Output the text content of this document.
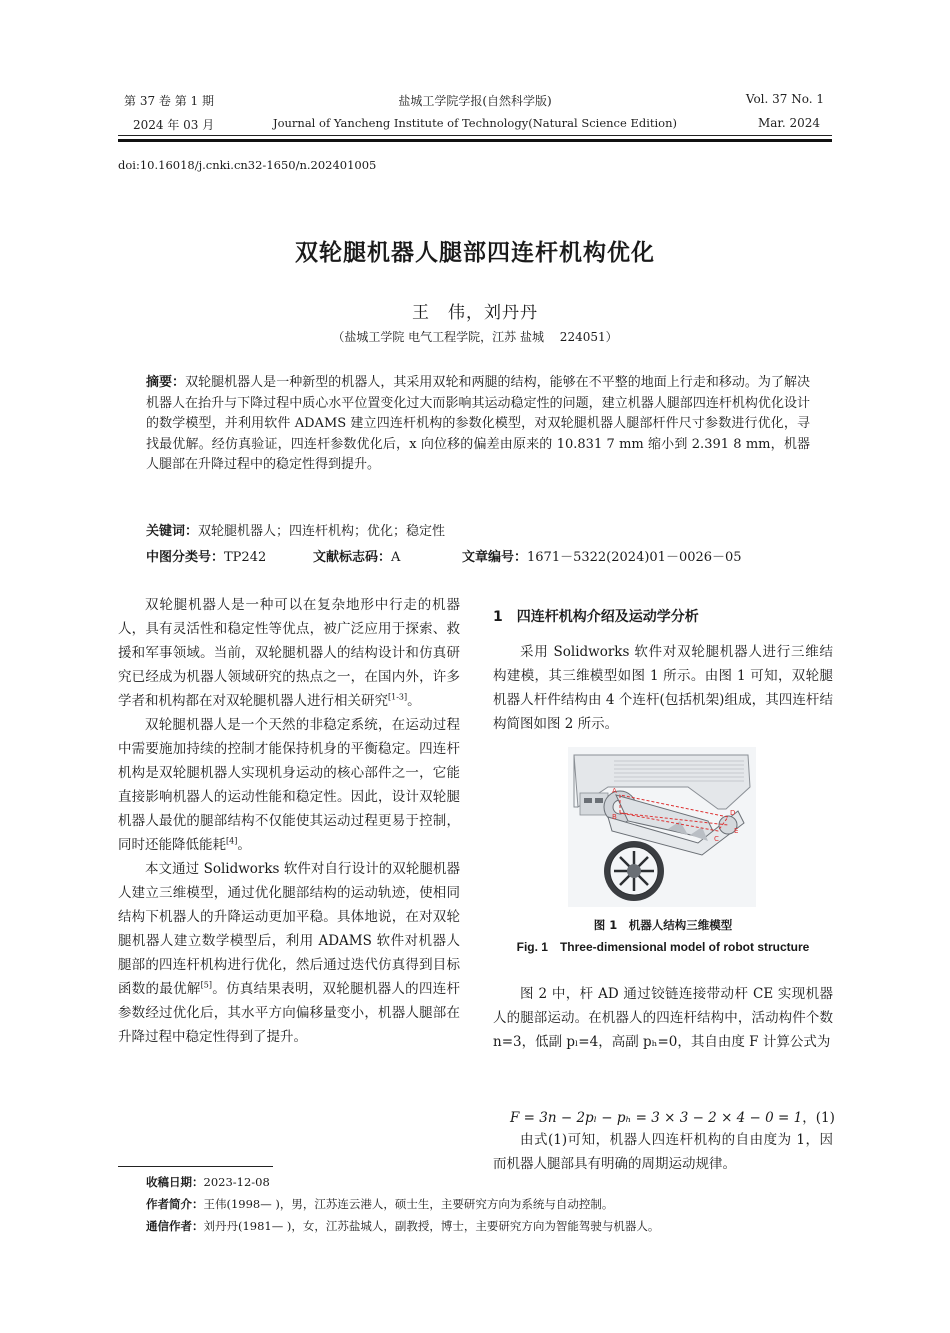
第 37 卷 第 1 期
2024 年 03 月
盐城工学院学报(自然科学版)
Journal of Yancheng Institute of Technology(Natural Science Edition)
Vol. 37 No. 1
Mar. 2024
doi:10.16018/j.cnki.cn32-1650/n.202401005
双轮腿机器人腿部四连杆机构优化
王　伟，刘丹丹
（盐城工学院 电气工程学院，江苏 盐城　 224051）
摘要：双轮腿机器人是一种新型的机器人，其采用双轮和两腿的结构，能够在不平整的地面上行走和移动。为了解决机器人在抬升与下降过程中质心水平位置变化过大而影响其运动稳定性的问题，建立机器人腿部四连杆机构优化设计的数学模型，并利用软件 ADAMS 建立四连杆机构的参数化模型，对双轮腿机器人腿部杆件尺寸参数进行优化，寻找最优解。经仿真验证，四连杆参数优化后，x 向位移的偏差由原来的 10.831 7 mm 缩小到 2.391 8 mm，机器人腿部在升降过程中的稳定性得到提升。
关键词：双轮腿机器人；四连杆机构；优化；稳定性
中图分类号：TP242	文献标志码：A	文章编号：1671－5322(2024)01－0026－05

双轮腿机器人是一种可以在复杂地形中行走的机器人，具有灵活性和稳定性等优点，被广泛应用于探索、救援和军事领域。当前，双轮腿机器人的结构设计和仿真研究已经成为机器人领域研究的热点之一，在国内外，许多学者和机构都在对双轮腿机器人进行相关研究[1-3]。

双轮腿机器人是一个天然的非稳定系统，在运动过程中需要施加持续的控制才能保持机身的平衡稳定。四连杆机构是双轮腿机器人实现机身运动的核心部件之一，它能直接影响机器人的运动性能和稳定性。因此，设计双轮腿机器人最优的腿部结构不仅能使其运动过程更易于控制，同时还能降低能耗[4]。

本文通过 Solidworks 软件对自行设计的双轮腿机器人建立三维模型，通过优化腿部结构的运动轨迹，使相同结构下机器人的升降运动更加平稳。具体地说，在对双轮腿机器人建立数学模型后，利用 ADAMS 软件对机器人腿部的四连杆机构进行优化，然后通过迭代仿真得到目标函数的最优解[5]。仿真结果表明，双轮腿机器人的四连杆参数经过优化后，其水平方向偏移量变小，机器人腿部在升降过程中稳定性得到了提升。

1　四连杆机构介绍及运动学分析

采用 Solidworks 软件对双轮腿机器人进行三维结构建模，其三维模型如图 1 所示。由图 1 可知，双轮腿机器人杆件结构由 4 个连杆(包括机架)组成，其四连杆结构简图如图 2 所示。

A
B
C
D
E
图 1　机器人结构三维模型
Fig. 1　Three-dimensional model of robot structure

图 2 中，杆 AD 通过铰链连接带动杆 CE 实现机器人的腿部运动。在机器人的四连杆结构中，活动构件个数 n=3，低副 pₗ=4，高副 pₕ=0，其自由度 F 计算公式为

F = 3n − 2pₗ − pₕ = 3 × 3 − 2 × 4 − 0 = 1，(1)

由式(1)可知，机器人四连杆机构的自由度为 1，因而机器人腿部具有明确的周期运动规律。

收稿日期：2023-12-08
作者简介：王伟(1998— )，男，江苏连云港人，硕士生，主要研究方向为系统与自动控制。
通信作者：刘丹丹(1981— )，女，江苏盐城人，副教授，博士，主要研究方向为智能驾驶与机器人。
